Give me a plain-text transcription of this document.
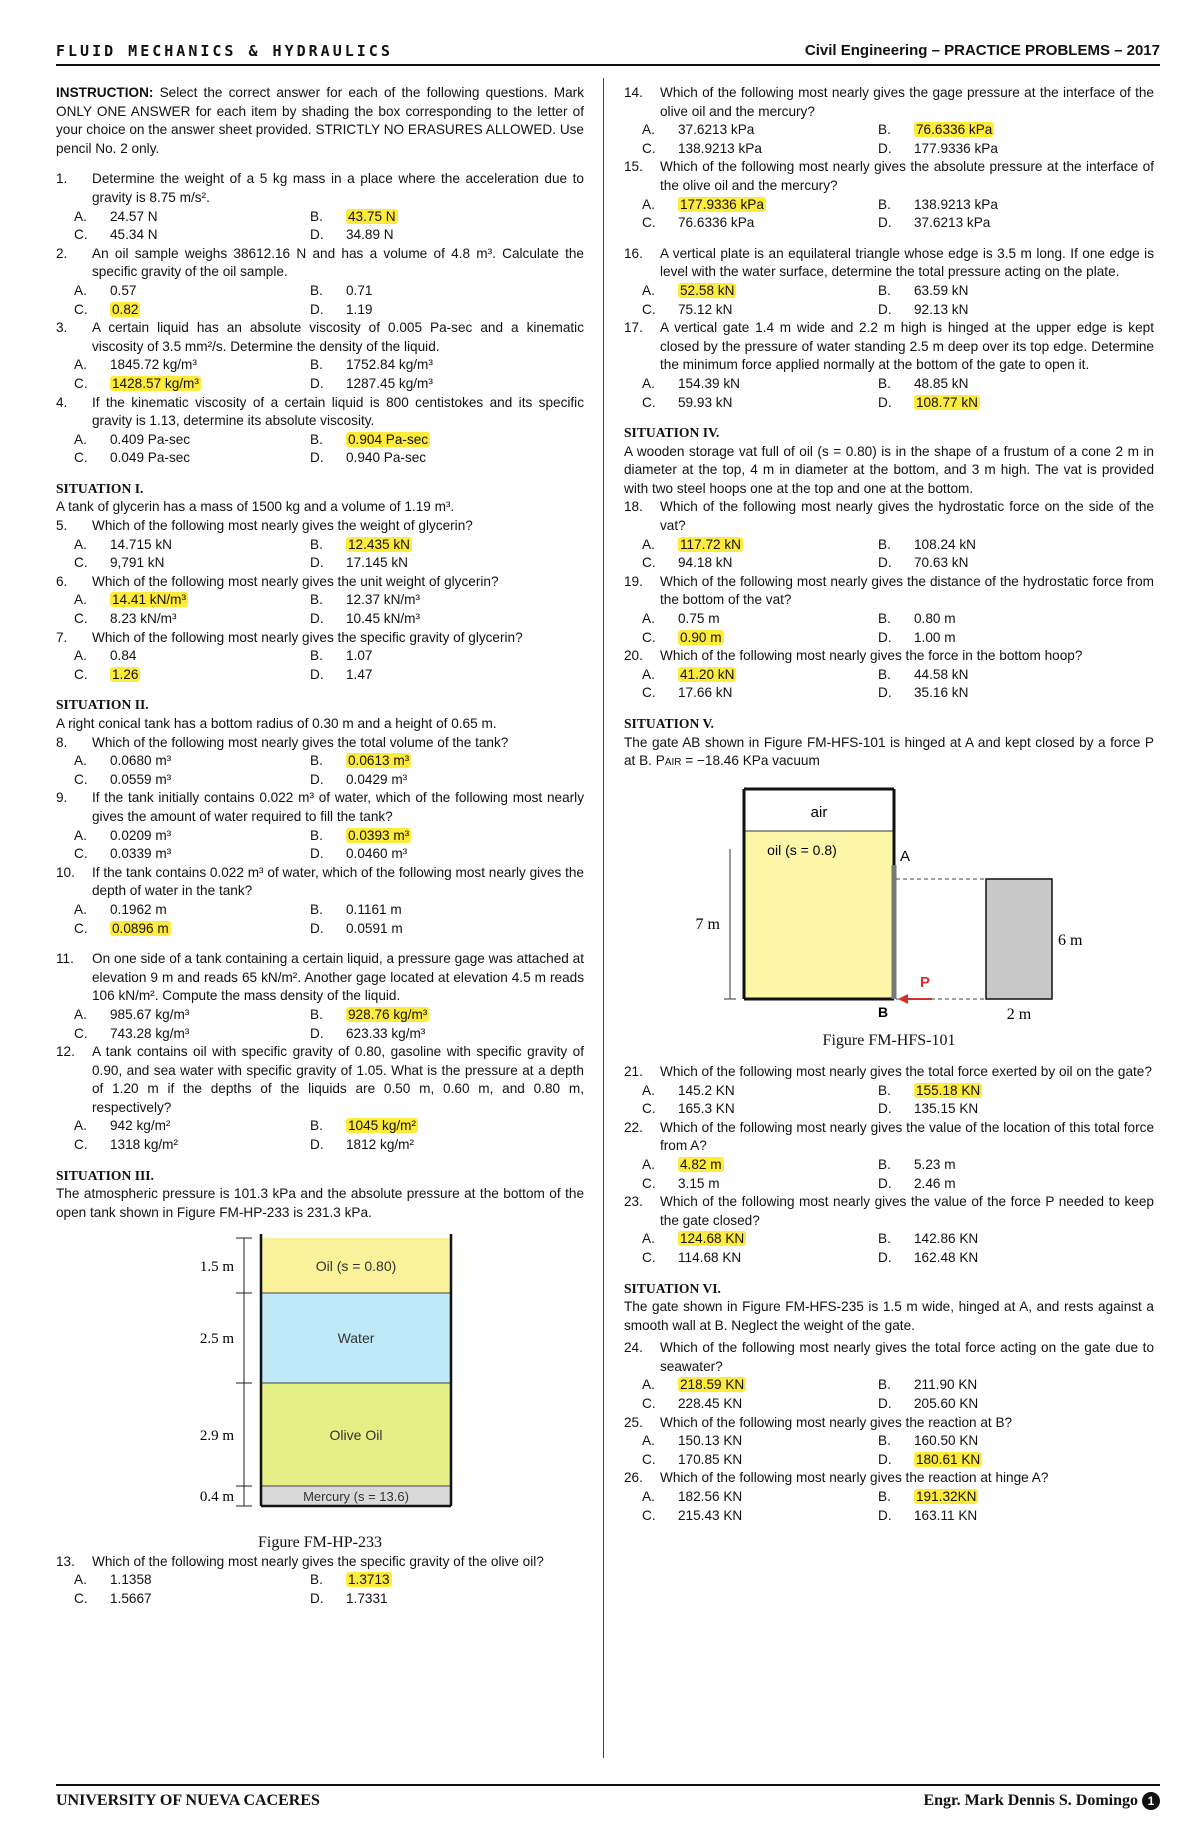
FLUID MECHANICS & HYDRAULICS	Civil Engineering – PRACTICE PROBLEMS – 2017

INSTRUCTION: Select the correct answer for each of the following questions. Mark ONLY ONE ANSWER for each item by shading the box corresponding to the letter of your choice on the answer sheet provided. STRICTLY NO ERASURES ALLOWED. Use pencil No. 2 only.

1.	Determine the weight of a 5 kg mass in a place where the acceleration due to gravity is 8.75 m/s².
A.	24.57 N	B.	43.75 N
C.	45.34 N	D.	34.89 N
2.	An oil sample weighs 38612.16 N and has a volume of 4.8 m³. Calculate the specific gravity of the oil sample.
A.	0.57	B.	0.71
C.	0.82	D.	1.19
3.	A certain liquid has an absolute viscosity of 0.005 Pa-sec and a kinematic viscosity of 3.5 mm²/s. Determine the density of the liquid.
A.	1845.72 kg/m³	B.	1752.84 kg/m³
C.	1428.57 kg/m³	D.	1287.45 kg/m³
4.	If the kinematic viscosity of a certain liquid is 800 centistokes and its specific gravity is 1.13, determine its absolute viscosity.
A.	0.409 Pa-sec	B.	0.904 Pa-sec
C.	0.049 Pa-sec	D.	0.940 Pa-sec
SITUATION I.

A tank of glycerin has a mass of 1500 kg and a volume of 1.19 m³.

5.	Which of the following most nearly gives the weight of glycerin?
A.	14.715 kN	B.	12.435 kN
C.	9,791 kN	D.	17.145 kN
6.	Which of the following most nearly gives the unit weight of glycerin?
A.	14.41 kN/m³	B.	12.37 kN/m³
C.	8.23 kN/m³	D.	10.45 kN/m³
7.	Which of the following most nearly gives the specific gravity of glycerin?
A.	0.84	B.	1.07
C.	1.26	D.	1.47
SITUATION II.

A right conical tank has a bottom radius of 0.30 m and a height of 0.65 m.

8.	Which of the following most nearly gives the total volume of the tank?
A.	0.0680 m³	B.	0.0613 m³
C.	0.0559 m³	D.	0.0429 m³
9.	If the tank initially contains 0.022 m³ of water, which of the following most nearly gives the amount of water required to fill the tank?
A.	0.0209 m³	B.	0.0393 m³
C.	0.0339 m³	D.	0.0460 m³
10.	If the tank contains 0.022 m³ of water, which of the following most nearly gives the depth of water in the tank?
A.	0.1962 m	B.	0.1161 m
C.	0.0896 m	D.	0.0591 m
11.	On one side of a tank containing a certain liquid, a pressure gage was attached at elevation 9 m and reads 65 kN/m². Another gage located at elevation 4.5 m reads 106 kN/m². Compute the mass density of the liquid.
A.	985.67 kg/m³	B.	928.76 kg/m³
C.	743.28 kg/m³	D.	623.33 kg/m³
12.	A tank contains oil with specific gravity of 0.80, gasoline with specific gravity of 0.90, and sea water with specific gravity of 1.05. What is the pressure at a depth of 1.20 m if the depths of the liquids are 0.50 m, 0.60 m, and 0.80 m, respectively?
A.	942 kg/m²	B.	1045 kg/m²
C.	1318 kg/m²	D.	1812 kg/m²
SITUATION III.

The atmospheric pressure is 101.3 kPa and the absolute pressure at the bottom of the open tank shown in Figure FM-HP-233 is 231.3 kPa.

1.5 m
2.5 m
2.9 m
0.4 m
Oil (s = 0.80)
Water
Olive Oil
Mercury (s = 13.6)
Figure FM-HP-233
13.	Which of the following most nearly gives the specific gravity of the olive oil?
A.	1.1358	B.	1.3713
C.	1.5667	D.	1.7331
14.	Which of the following most nearly gives the gage pressure at the interface of the olive oil and the mercury?
A.	37.6213 kPa	B.	76.6336 kPa
C.	138.9213 kPa	D.	177.9336 kPa
15.	Which of the following most nearly gives the absolute pressure at the interface of the olive oil and the mercury?
A.	177.9336 kPa	B.	138.9213 kPa
C.	76.6336 kPa	D.	37.6213 kPa
16.	A vertical plate is an equilateral triangle whose edge is 3.5 m long. If one edge is level with the water surface, determine the total pressure acting on the plate.
A.	52.58 kN	B.	63.59 kN
C.	75.12 kN	D.	92.13 kN
17.	A vertical gate 1.4 m wide and 2.2 m high is hinged at the upper edge is kept closed by the pressure of water standing 2.5 m deep over its top edge. Determine the minimum force applied normally at the bottom of the gate to open it.
A.	154.39 kN	B.	48.85 kN
C.	59.93 kN	D.	108.77 kN
SITUATION IV.

A wooden storage vat full of oil (s = 0.80) is in the shape of a frustum of a cone 2 m in diameter at the top, 4 m in diameter at the bottom, and 3 m high. The vat is provided with two steel hoops one at the top and one at the bottom.

18.	Which of the following most nearly gives the hydrostatic force on the side of the vat?
A.	117.72 kN	B.	108.24 kN
C.	94.18 kN	D.	70.63 kN
19.	Which of the following most nearly gives the distance of the hydrostatic force from the bottom of the vat?
A.	0.75 m	B.	0.80 m
C.	0.90 m	D.	1.00 m
20.	Which of the following most nearly gives the force in the bottom hoop?
A.	41.20 kN	B.	44.58 kN
C.	17.66 kN	D.	35.16 kN
SITUATION V.

The gate AB shown in Figure FM-HFS-101 is hinged at A and kept closed by a force P at B. PAIR = −18.46 KPa vacuum

air
oil (s = 0.8)
7 m
A
6 m
2 m
B
P
Figure FM-HFS-101
21.	Which of the following most nearly gives the total force exerted by oil on the gate?
A.	145.2 KN	B.	155.18 KN
C.	165.3 KN	D.	135.15 KN
22.	Which of the following most nearly gives the value of the location of this total force from A?
A.	4.82 m	B.	5.23 m
C.	3.15 m	D.	2.46 m
23.	Which of the following most nearly gives the value of the force P needed to keep the gate closed?
A.	124.68 KN	B.	142.86 KN
C.	114.68 KN	D.	162.48 KN
SITUATION VI.

The gate shown in Figure FM-HFS-235 is 1.5 m wide, hinged at A, and rests against a smooth wall at B. Neglect the weight of the gate.

24.	Which of the following most nearly gives the total force acting on the gate due to seawater?
A.	218.59 KN	B.	211.90 KN
C.	228.45 KN	D.	205.60 KN
25.	Which of the following most nearly gives the reaction at B?
A.	150.13 KN	B.	160.50 KN
C.	170.85 KN	D.	180.61 KN
26.	Which of the following most nearly gives the reaction at hinge A?
A.	182.56 KN	B.	191.32KN
C.	215.43 KN	D.	163.11 KN
UNIVERSITY OF NUEVA CACERES	Engr. Mark Dennis S. Domingo 1
